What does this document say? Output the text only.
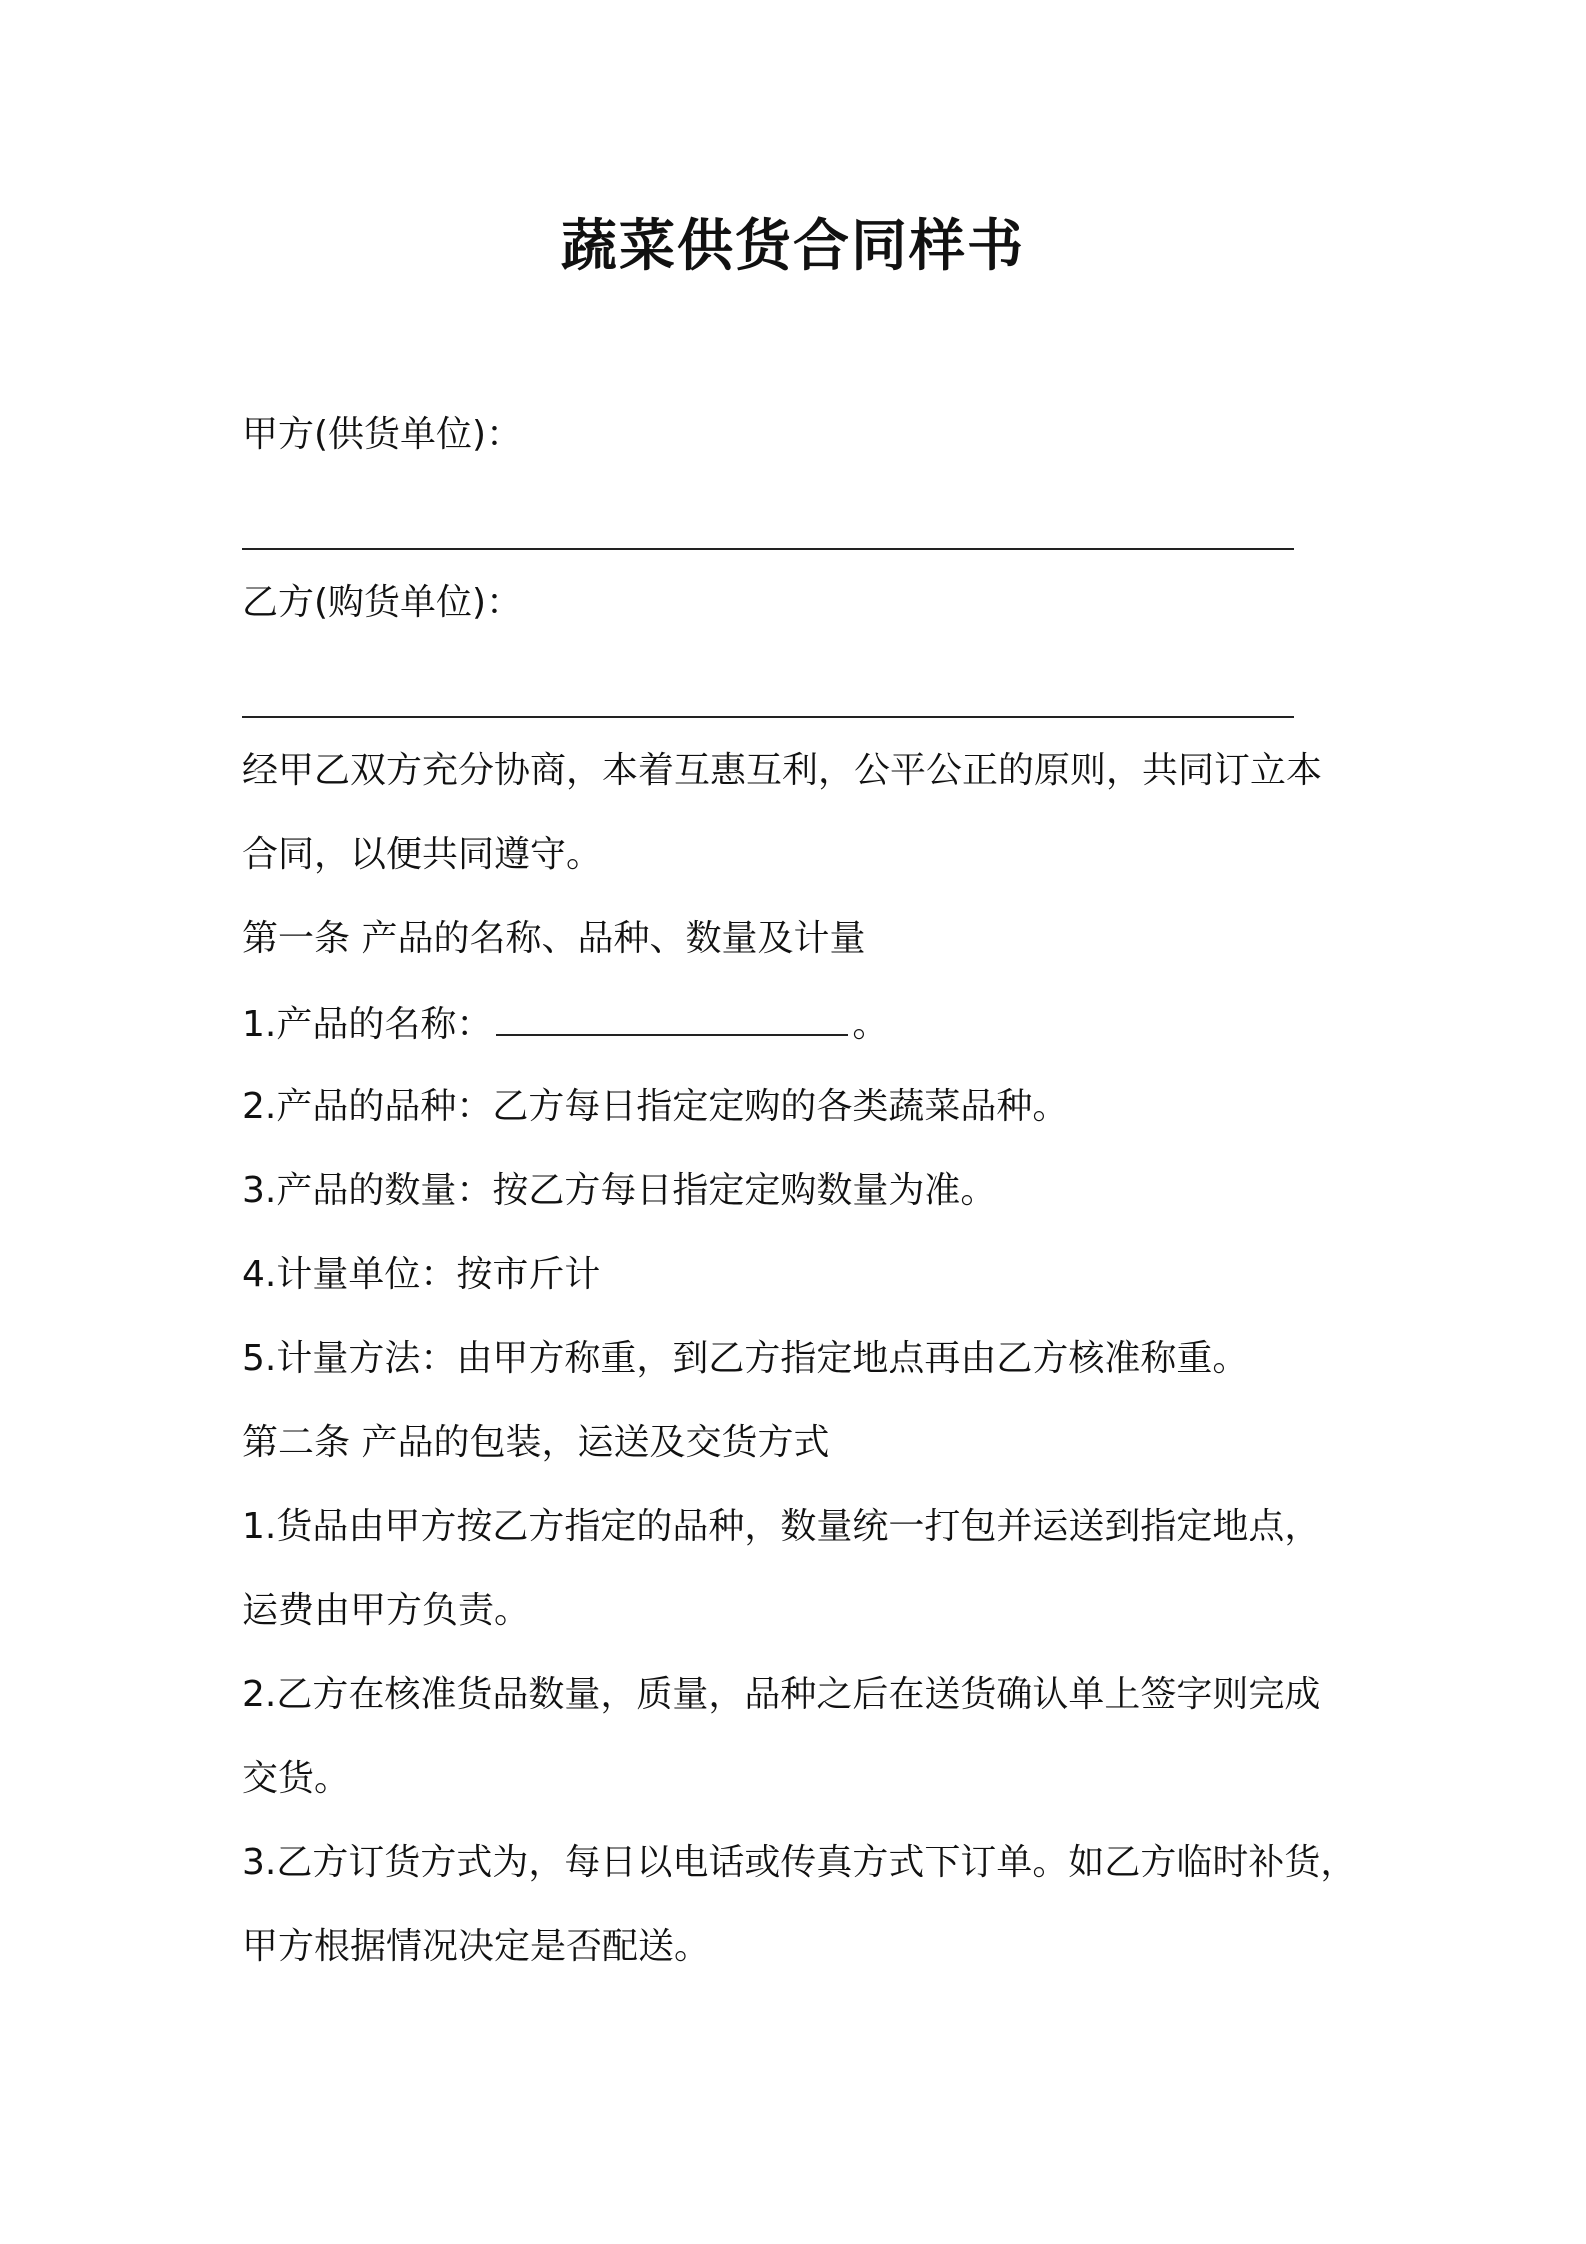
蔬菜供货合同样书
甲方(供货单位)：
乙方(购货单位)：
经甲乙双方充分协商，本着互惠互利，公平公正的原则，共同订立本
合同，以便共同遵守。
第一条 产品的名称、品种、数量及计量
1.产品的名称：	。
2.产品的品种：乙方每日指定定购的各类蔬菜品种。
3.产品的数量：按乙方每日指定定购数量为准。
4.计量单位：按市斤计
5.计量方法：由甲方称重，到乙方指定地点再由乙方核准称重。
第二条 产品的包装，运送及交货方式
1.货品由甲方按乙方指定的品种，数量统一打包并运送到指定地点，
运费由甲方负责。
2.乙方在核准货品数量，质量，品种之后在送货确认单上签字则完成
交货。
3.乙方订货方式为，每日以电话或传真方式下订单。如乙方临时补货，
甲方根据情况决定是否配送。
